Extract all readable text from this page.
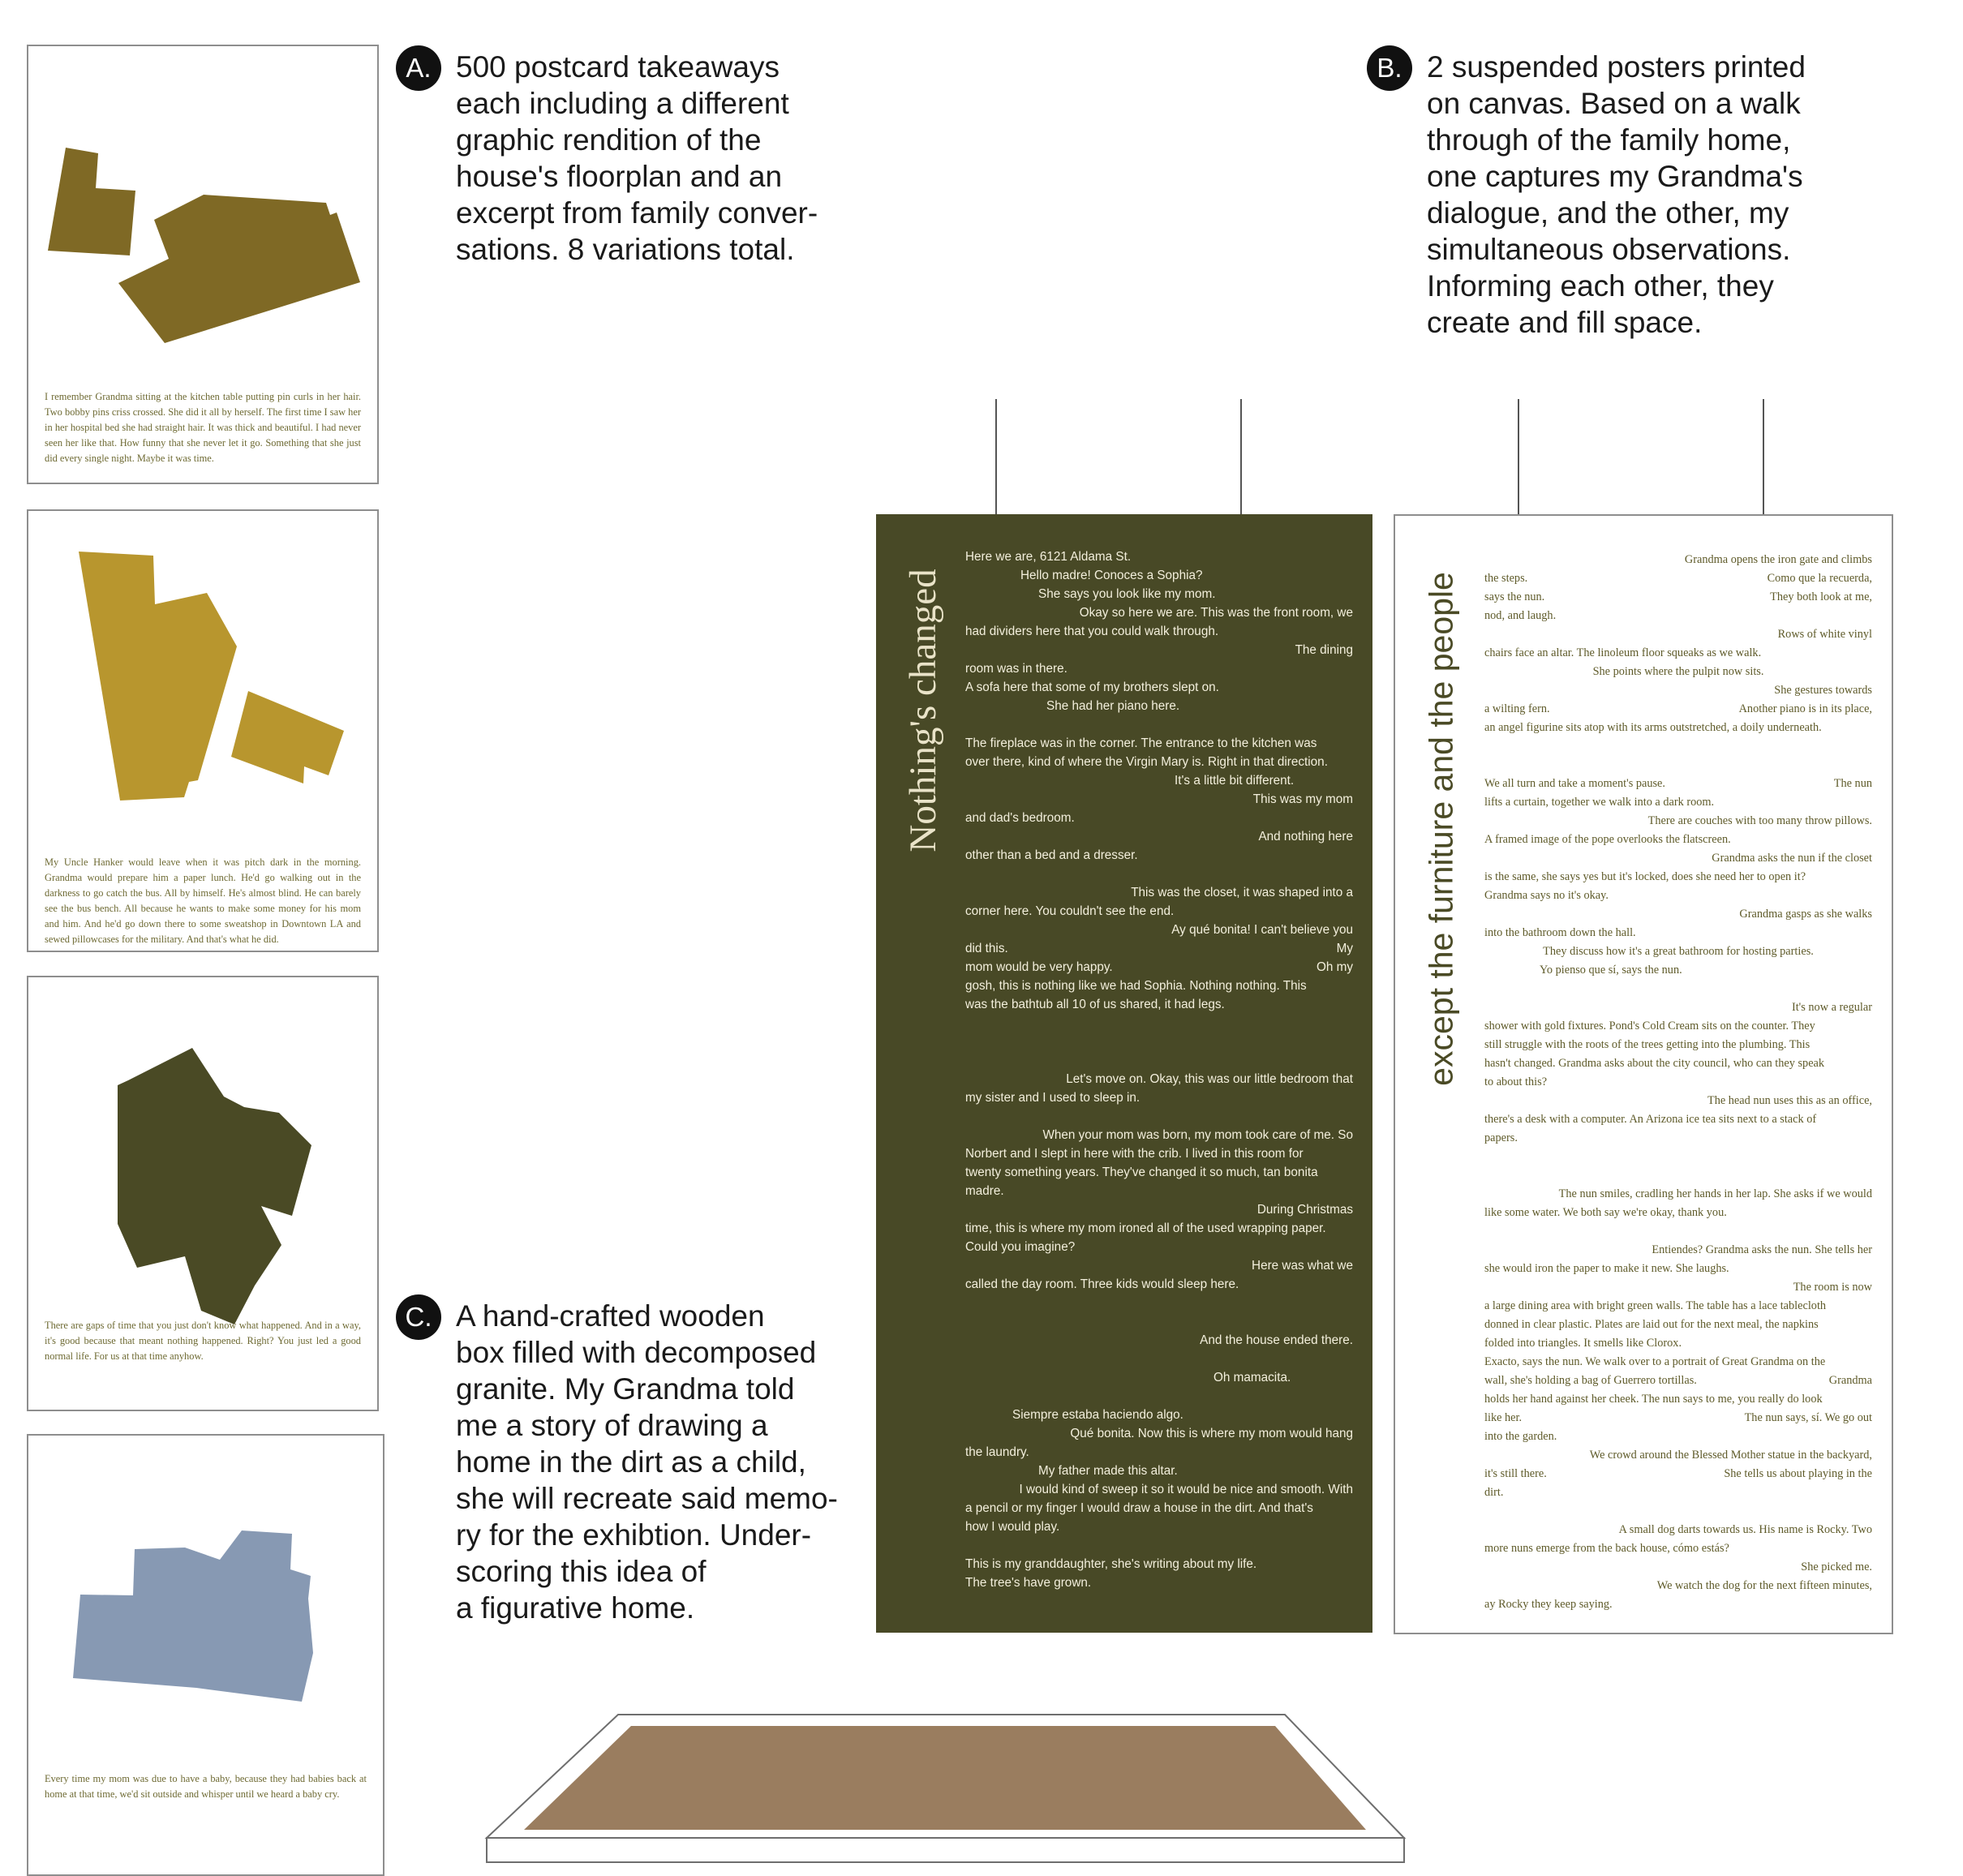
I remember Grandma sitting at the kitchen table putting pin curls in her hair. Two bobby pins criss crossed. She did it all by herself. The first time I saw her in her hospital bed she had straight hair. It was thick and beautiful. I had never seen her like that. How funny that she never let it go. Something that she just did every single night. Maybe it was time.
My Uncle Hanker would leave when it was pitch dark in the morning. Grandma would prepare him a paper lunch. He'd go walking out in the darkness to go catch the bus. All by himself. He's almost blind. He can barely see the bus bench. All because he wants to make some money for his mom and him. And he'd go down there to some sweatshop in Downtown LA and sewed pillowcases for the military. And that's what he did.
There are gaps of time that you just don't know what happened. And in a way, it's good because that meant nothing happened. Right? You just led a good normal life. For us at that time anyhow.
Every time my mom was due to have a baby, because they had babies back at home at that time, we'd sit outside and whisper until we heard a baby cry.
A. 500 postcard takeaways
each including a different
graphic rendition of the
house's floorplan and an
excerpt from family conver-
sations. 8 variations total.
B. 2 suspended posters printed
on canvas. Based on a walk
through of the family home,
one captures my Grandma's
dialogue, and the other, my
simultaneous observations.
Informing each other, they
create and fill space.
C. A hand-crafted wooden
box filled with decomposed
granite. My Grandma told
me a story of drawing a
home in the dirt as a child,
she will recreate said memo-
ry for the exhibtion. Under-
scoring this idea of
a figurative home.
Nothing's changed
Here we are, 6121 Aldama St.
Hello madre! Conoces a Sophia?
She says you look like my mom.
Okay so here we are. This was the front room, we
had dividers here that you could walk through.
The dining
room was in there.
A sofa here that some of my brothers slept on.
She had her piano here.
The fireplace was in the corner. The entrance to the kitchen was
over there, kind of where the Virgin Mary is. Right in that direction.
It's a little bit different.
This was my mom
and dad's bedroom.
And nothing here
other than a bed and a dresser.
This was the closet, it was shaped into a
corner here. You couldn't see the end.
Ay qué bonita! I can't believe you
did this.	My
mom would be very happy.	Oh my
gosh, this is nothing like we had Sophia. Nothing nothing. This
was the bathtub all 10 of us shared, it had legs.
Let's move on. Okay, this was our little bedroom that
my sister and I used to sleep in.
When your mom was born, my mom took care of me. So
Norbert and I slept in here with the crib. I lived in this room for
twenty something years. They've changed it so much, tan bonita
madre.
During Christmas
time, this is where my mom ironed all of the used wrapping paper.
Could you imagine?
Here was what we
called the day room. Three kids would sleep here.
And the house ended there.
Oh mamacita.
Siempre estaba haciendo algo.
Qué bonita. Now this is where my mom would hang
the laundry.
My father made this altar.
I would kind of sweep it so it would be nice and smooth. With
a pencil or my finger I would draw a house in the dirt. And that's
how I would play.
This is my granddaughter, she's writing about my life.
The tree's have grown.
except the furniture and the people
Grandma opens the iron gate and climbs
the steps.	Como que la recuerda,
says the nun.	They both look at me,
nod, and laugh.
Rows of white vinyl
chairs face an altar. The linoleum floor squeaks as we walk.
She points where the pulpit now sits.
She gestures towards
a wilting fern.	Another piano is in its place,
an angel figurine sits atop with its arms outstretched, a doily underneath.
We all turn and take a moment's pause.	The nun
lifts a curtain, together we walk into a dark room.
There are couches with too many throw pillows.
A framed image of the pope overlooks the flatscreen.
Grandma asks the nun if the closet
is the same, she says yes but it's locked, does she need her to open it?
Grandma says no it's okay.
Grandma gasps as she walks
into the bathroom down the hall.
They discuss how it's a great bathroom for hosting parties.
Yo pienso que sí, says the nun.
It's now a regular
shower with gold fixtures. Pond's Cold Cream sits on the counter. They
still struggle with the roots of the trees getting into the plumbing. This
hasn't changed. Grandma asks about the city council, who can they speak
to about this?
The head nun uses this as an office,
there's a desk with a computer. An Arizona ice tea sits next to a stack of
papers.
The nun smiles, cradling her hands in her lap. She asks if we would
like some water. We both say we're okay, thank you.
Entiendes? Grandma asks the nun. She tells her
she would iron the paper to make it new. She laughs.
The room is now
a large dining area with bright green walls. The table has a lace tablecloth
donned in clear plastic. Plates are laid out for the next meal, the napkins
folded into triangles. It smells like Clorox.
Exacto, says the nun. We walk over to a portrait of Great Grandma on the
wall, she's holding a bag of Guerrero tortillas.	Grandma
holds her hand against her cheek. The nun says to me, you really do look
like her.	The nun says, sí. We go out
into the garden.
We crowd around the Blessed Mother statue in the backyard,
it's still there.	She tells us about playing in the
dirt.
A small dog darts towards us. His name is Rocky. Two
more nuns emerge from the back house, cómo estás?
She picked me.
We watch the dog for the next fifteen minutes,
ay Rocky they keep saying.
